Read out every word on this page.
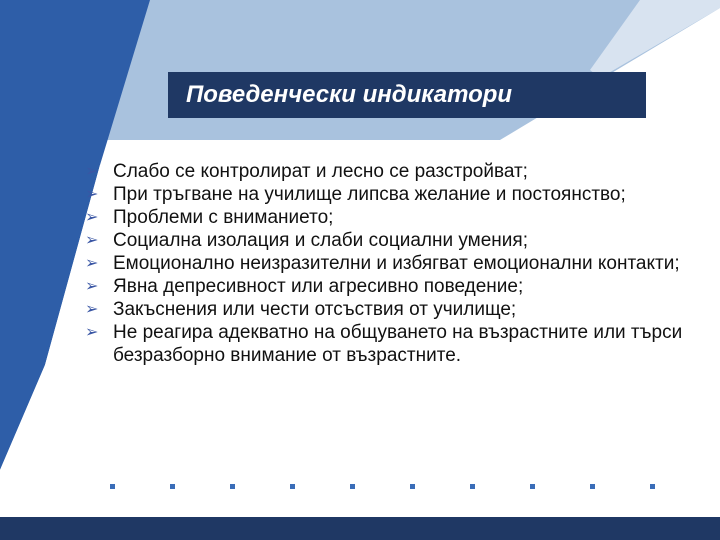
Поведенчески индикатори
➢ Слабо се контролират и лесно се разстройват;
➢ При тръгване на училище липсва желание и постоянство;
➢ Проблеми с вниманието;
➢ Социална изолация и слаби социални умения;
➢ Емоционално неизразителни и избягват емоционални контакти;
➢ Явна депресивност или агресивно поведение;
➢ Закъснения или чести отсъствия от училище;
➢ Не реагира адекватно на общуването на възрастните или търси безразборно внимание от възрастните.
